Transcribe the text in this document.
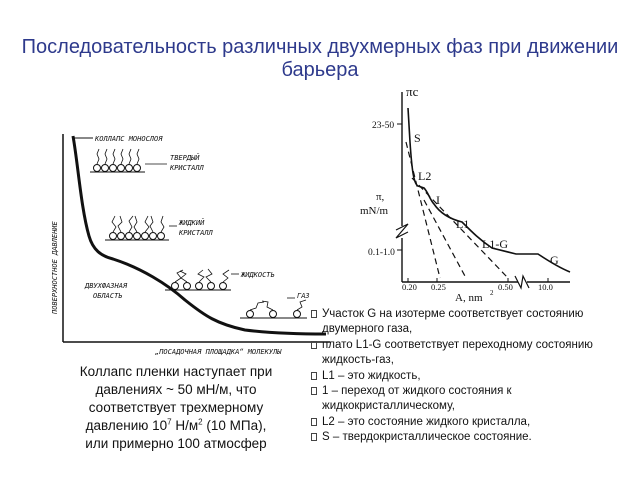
Последовательность различных двухмерных фаз при движении барьера
ПОВЕРХНОСТНОЕ ДАВЛЕНИЕ
„ПОСАДОЧНАЯ ПЛОЩАДКА“ МОЛЕКУЛЫ
КОЛЛАПС МОНОСЛОЯ
ТВЕРДЫЙ
КРИСТАЛЛ
ЖИДКИЙ
КРИСТАЛЛ
ЖИДКОСТЬ
ГАЗ
ДВУХФАЗНАЯ
ОБЛАСТЬ
πc
23-50
π,
mN/m
0.1-1.0
0.20 0.25	0.50	10.0
A, nm 2
S
L2
I
L1
L1-G
G
Коллапс пленки наступает при
давлениях ~ 50 мН/м, что
соответствует трехмерному
давлению $10^7$ $Н/м^2$ (10 МПа),
или примерно 100 атмосфер
Участок G на изотерме соответствует состоянию двумерного газа,
плато L1-G соответствует переходному состоянию жидкость-газ,
L1 – это жидкость,
1 – переход от жидкого состояния к жидкокристаллическому,
L2 – это состояние жидкого кристалла,
S – твердокристаллическое состояние.
